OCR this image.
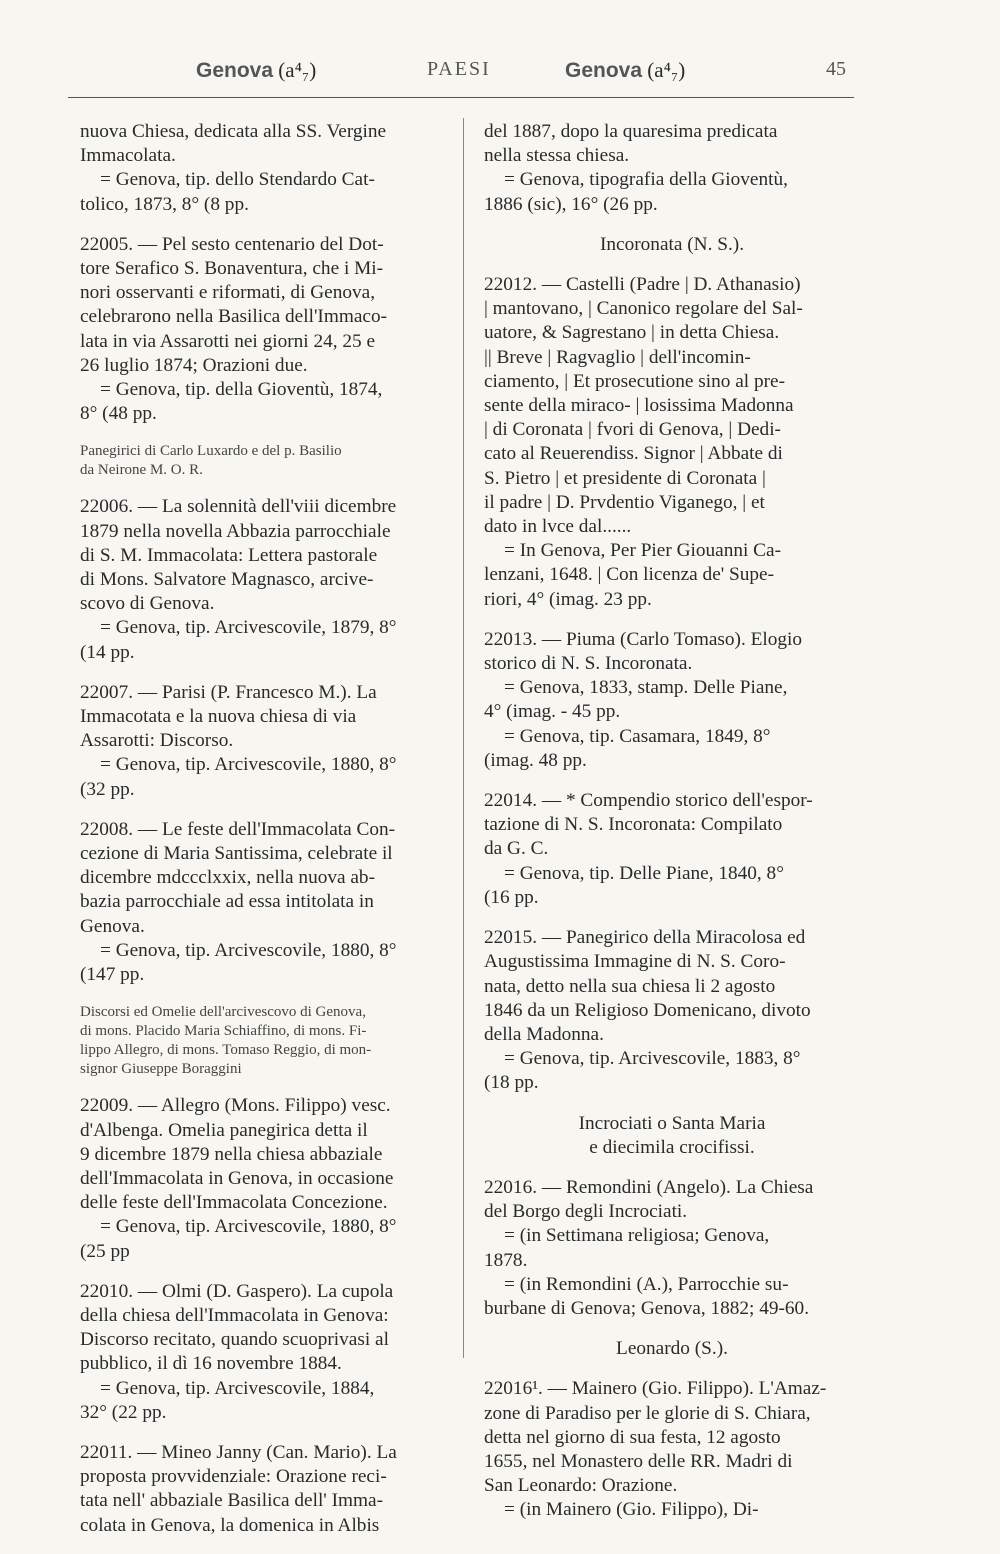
Genova (a⁴₇)	PAESI	Genova (a⁴₇)	45
nuova Chiesa, dedicata alla SS. Vergine
Immacolata.
= Genova, tip. dello Stendardo Cat-
tolico, 1873, 8° (8 pp.
22005. — Pel sesto centenario del Dot-
tore Serafico S. Bonaventura, che i Mi-
nori osservanti e riformati, di Genova,
celebrarono nella Basilica dell'Immaco-
lata in via Assarotti nei giorni 24, 25 e
26 luglio 1874; Orazioni due.
= Genova, tip. della Gioventù, 1874,
8° (48 pp.
Panegirici di Carlo Luxardo e del p. Basilio
da Neirone M. O. R.
22006. — La solennità dell'viii dicembre
1879 nella novella Abbazia parrocchiale
di S. M. Immacolata: Lettera pastorale
di Mons. Salvatore Magnasco, arcive-
scovo di Genova.
= Genova, tip. Arcivescovile, 1879, 8°
(14 pp.
22007. — Parisi (P. Francesco M.). La
Immacotata e la nuova chiesa di via
Assarotti: Discorso.
= Genova, tip. Arcivescovile, 1880, 8°
(32 pp.
22008. — Le feste dell'Immacolata Con-
cezione di Maria Santissima, celebrate il
dicembre mdccclxxix, nella nuova ab-
bazia parrocchiale ad essa intitolata in
Genova.
= Genova, tip. Arcivescovile, 1880, 8°
(147 pp.
Discorsi ed Omelie dell'arcivescovo di Genova,
di mons. Placido Maria Schiaffino, di mons. Fi-
lippo Allegro, di mons. Tomaso Reggio, di mon-
signor Giuseppe Boraggini
22009. — Allegro (Mons. Filippo) vesc.
d'Albenga. Omelia panegirica detta il
9 dicembre 1879 nella chiesa abbaziale
dell'Immacolata in Genova, in occasione
delle feste dell'Immacolata Concezione.
= Genova, tip. Arcivescovile, 1880, 8°
(25 pp
22010. — Olmi (D. Gaspero). La cupola
della chiesa dell'Immacolata in Genova:
Discorso recitato, quando scuoprivasi al
pubblico, il dì 16 novembre 1884.
= Genova, tip. Arcivescovile, 1884,
32° (22 pp.
22011. — Mineo Janny (Can. Mario). La
proposta provvidenziale: Orazione reci-
tata nell' abbaziale Basilica dell' Imma-
colata in Genova, la domenica in Albis
del 1887, dopo la quaresima predicata
nella stessa chiesa.
= Genova, tipografia della Gioventù,
1886 (sic), 16° (26 pp.
Incoronata (N. S.).
22012. — Castelli (Padre | D. Athanasio)
| mantovano, | Canonico regolare del Sal-
uatore, & Sagrestano | in detta Chiesa.
|| Breve | Ragvaglio | dell'incomin-
ciamento, | Et prosecutione sino al pre-
sente della miraco- | losissima Madonna
| di Coronata | fvori di Genova, | Dedi-
cato al Reuerendiss. Signor | Abbate di
S. Pietro | et presidente di Coronata |
il padre | D. Prvdentio Viganego, | et
dato in lvce dal......
= In Genova, Per Pier Giouanni Ca-
lenzani, 1648. | Con licenza de' Supe-
riori, 4° (imag. 23 pp.
22013. — Piuma (Carlo Tomaso). Elogio
storico di N. S. Incoronata.
= Genova, 1833, stamp. Delle Piane,
4° (imag. - 45 pp.
= Genova, tip. Casamara, 1849, 8°
(imag. 48 pp.
22014. — * Compendio storico dell'espor-
tazione di N. S. Incoronata: Compilato
da G. C.
= Genova, tip. Delle Piane, 1840, 8°
(16 pp.
22015. — Panegirico della Miracolosa ed
Augustissima Immagine di N. S. Coro-
nata, detto nella sua chiesa li 2 agosto
1846 da un Religioso Domenicano, divoto
della Madonna.
= Genova, tip. Arcivescovile, 1883, 8°
(18 pp.
Incrociati o Santa Maria
e diecimila crocifissi.
22016. — Remondini (Angelo). La Chiesa
del Borgo degli Incrociati.
= (in Settimana religiosa; Genova,
1878.
= (in Remondini (A.), Parrocchie su-
burbane di Genova; Genova, 1882; 49-60.
Leonardo (S.).
22016¹. — Mainero (Gio. Filippo). L'Amaz-
zone di Paradiso per le glorie di S. Chiara,
detta nel giorno di sua festa, 12 agosto
1655, nel Monastero delle RR. Madri di
San Leonardo: Orazione.
= (in Mainero (Gio. Filippo), Di-
